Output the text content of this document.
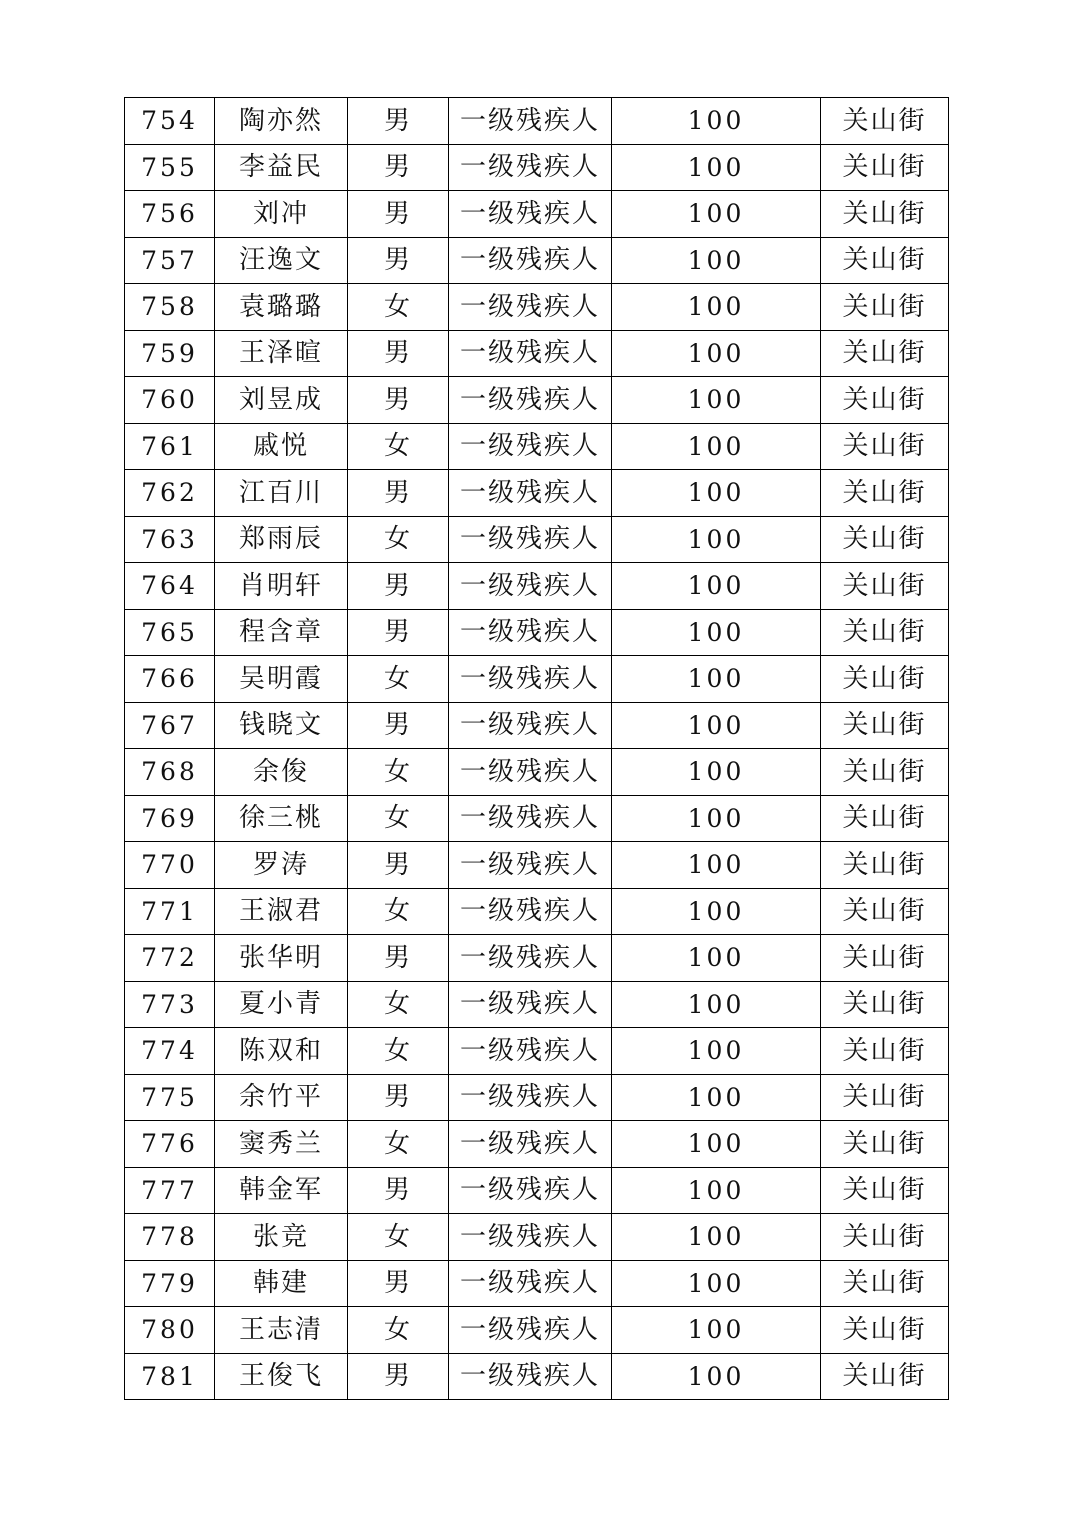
754	陶亦然	男	一级残疾人	100	关山街
755	李益民	男	一级残疾人	100	关山街
756	刘冲	男	一级残疾人	100	关山街
757	汪逸文	男	一级残疾人	100	关山街
758	袁璐璐	女	一级残疾人	100	关山街
759	王泽暄	男	一级残疾人	100	关山街
760	刘昱成	男	一级残疾人	100	关山街
761	戚悦	女	一级残疾人	100	关山街
762	江百川	男	一级残疾人	100	关山街
763	郑雨辰	女	一级残疾人	100	关山街
764	肖明轩	男	一级残疾人	100	关山街
765	程含章	男	一级残疾人	100	关山街
766	吴明霞	女	一级残疾人	100	关山街
767	钱晓文	男	一级残疾人	100	关山街
768	余俊	女	一级残疾人	100	关山街
769	徐三桃	女	一级残疾人	100	关山街
770	罗涛	男	一级残疾人	100	关山街
771	王淑君	女	一级残疾人	100	关山街
772	张华明	男	一级残疾人	100	关山街
773	夏小青	女	一级残疾人	100	关山街
774	陈双和	女	一级残疾人	100	关山街
775	余竹平	男	一级残疾人	100	关山街
776	窦秀兰	女	一级残疾人	100	关山街
777	韩金军	男	一级残疾人	100	关山街
778	张竞	女	一级残疾人	100	关山街
779	韩建	男	一级残疾人	100	关山街
780	王志清	女	一级残疾人	100	关山街
781	王俊飞	男	一级残疾人	100	关山街
